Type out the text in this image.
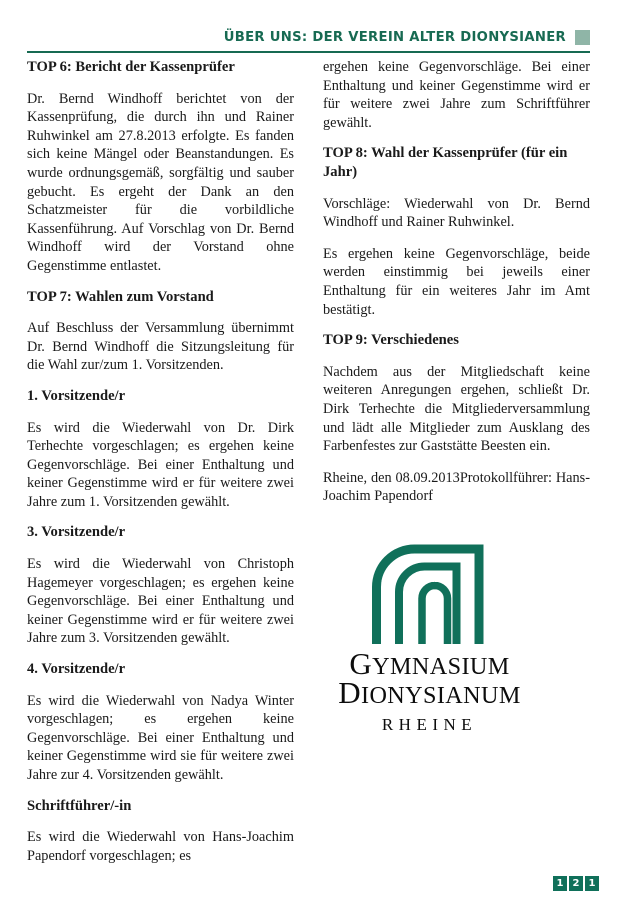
ÜBER UNS: DER VEREIN ALTER DIONYSIANER
TOP 6: Bericht der Kassenprüfer

Dr. Bernd Windhoff berichtet von der Kassenprüfung, die durch ihn und Rainer Ruhwinkel am 27.8.2013 erfolgte. Es fanden sich keine Mängel oder Beanstandungen. Es wurde ordnungsgemäß, sorgfältig und sauber gebucht. Es ergeht der Dank an den Schatzmeister für die vorbildliche Kassenführung. Auf Vorschlag von Dr. Bernd Windhoff wird der Vorstand ohne Gegenstimme entlastet.

TOP 7: Wahlen zum Vorstand

Auf Beschluss der Versammlung übernimmt Dr. Bernd Windhoff die Sitzungsleitung für die Wahl zur/zum 1. Vorsitzenden.

1. Vorsitzende/r

Es wird die Wiederwahl von Dr. Dirk Terhechte vorgeschlagen; es ergehen keine Gegenvorschläge. Bei einer Enthaltung und keiner Gegenstimme wird er für weitere zwei Jahre zum 1. Vorsitzenden gewählt.

3. Vorsitzende/r

Es wird die Wiederwahl von Christoph Hagemeyer vorgeschlagen; es ergehen keine Gegenvorschläge. Bei einer Enthaltung und keiner Gegenstimme wird er für weitere zwei Jahre zum 3. Vorsitzenden gewählt.

4. Vorsitzende/r

Es wird die Wiederwahl von Nadya Winter vorgeschlagen; es ergehen keine Gegenvorschläge. Bei einer Enthaltung und keiner Gegenstimme wird sie für weitere zwei Jahre zur 4. Vorsitzenden gewählt.

Schriftführer/-in

Es wird die Wiederwahl von Hans-Joachim Papendorf vorgeschlagen; es

ergehen keine Gegenvorschläge. Bei einer Enthaltung und keiner Gegenstimme wird er für weitere zwei Jahre zum Schriftführer gewählt.

TOP 8: Wahl der Kassenprüfer (für ein Jahr)

Vorschläge: Wiederwahl von Dr. Bernd Windhoff und Rainer Ruhwinkel.

Es ergehen keine Gegenvorschläge, beide werden einstimmig bei jeweils einer Enthaltung für ein weiteres Jahr im Amt bestätigt.

TOP 9: Verschiedenes

Nachdem aus der Mitgliedschaft keine weiteren Anregungen ergehen, schließt Dr. Dirk Terhechte die Mitgliederversammlung und lädt alle Mitglieder zum Ausklang des Farbenfestes zur Gaststätte Beesten ein.

Rheine, den 08.09.2013Protokollführer: Hans-Joachim Papendorf

GYMNASIUM
DIONYSIANUM
RHEINE
1 2 1
